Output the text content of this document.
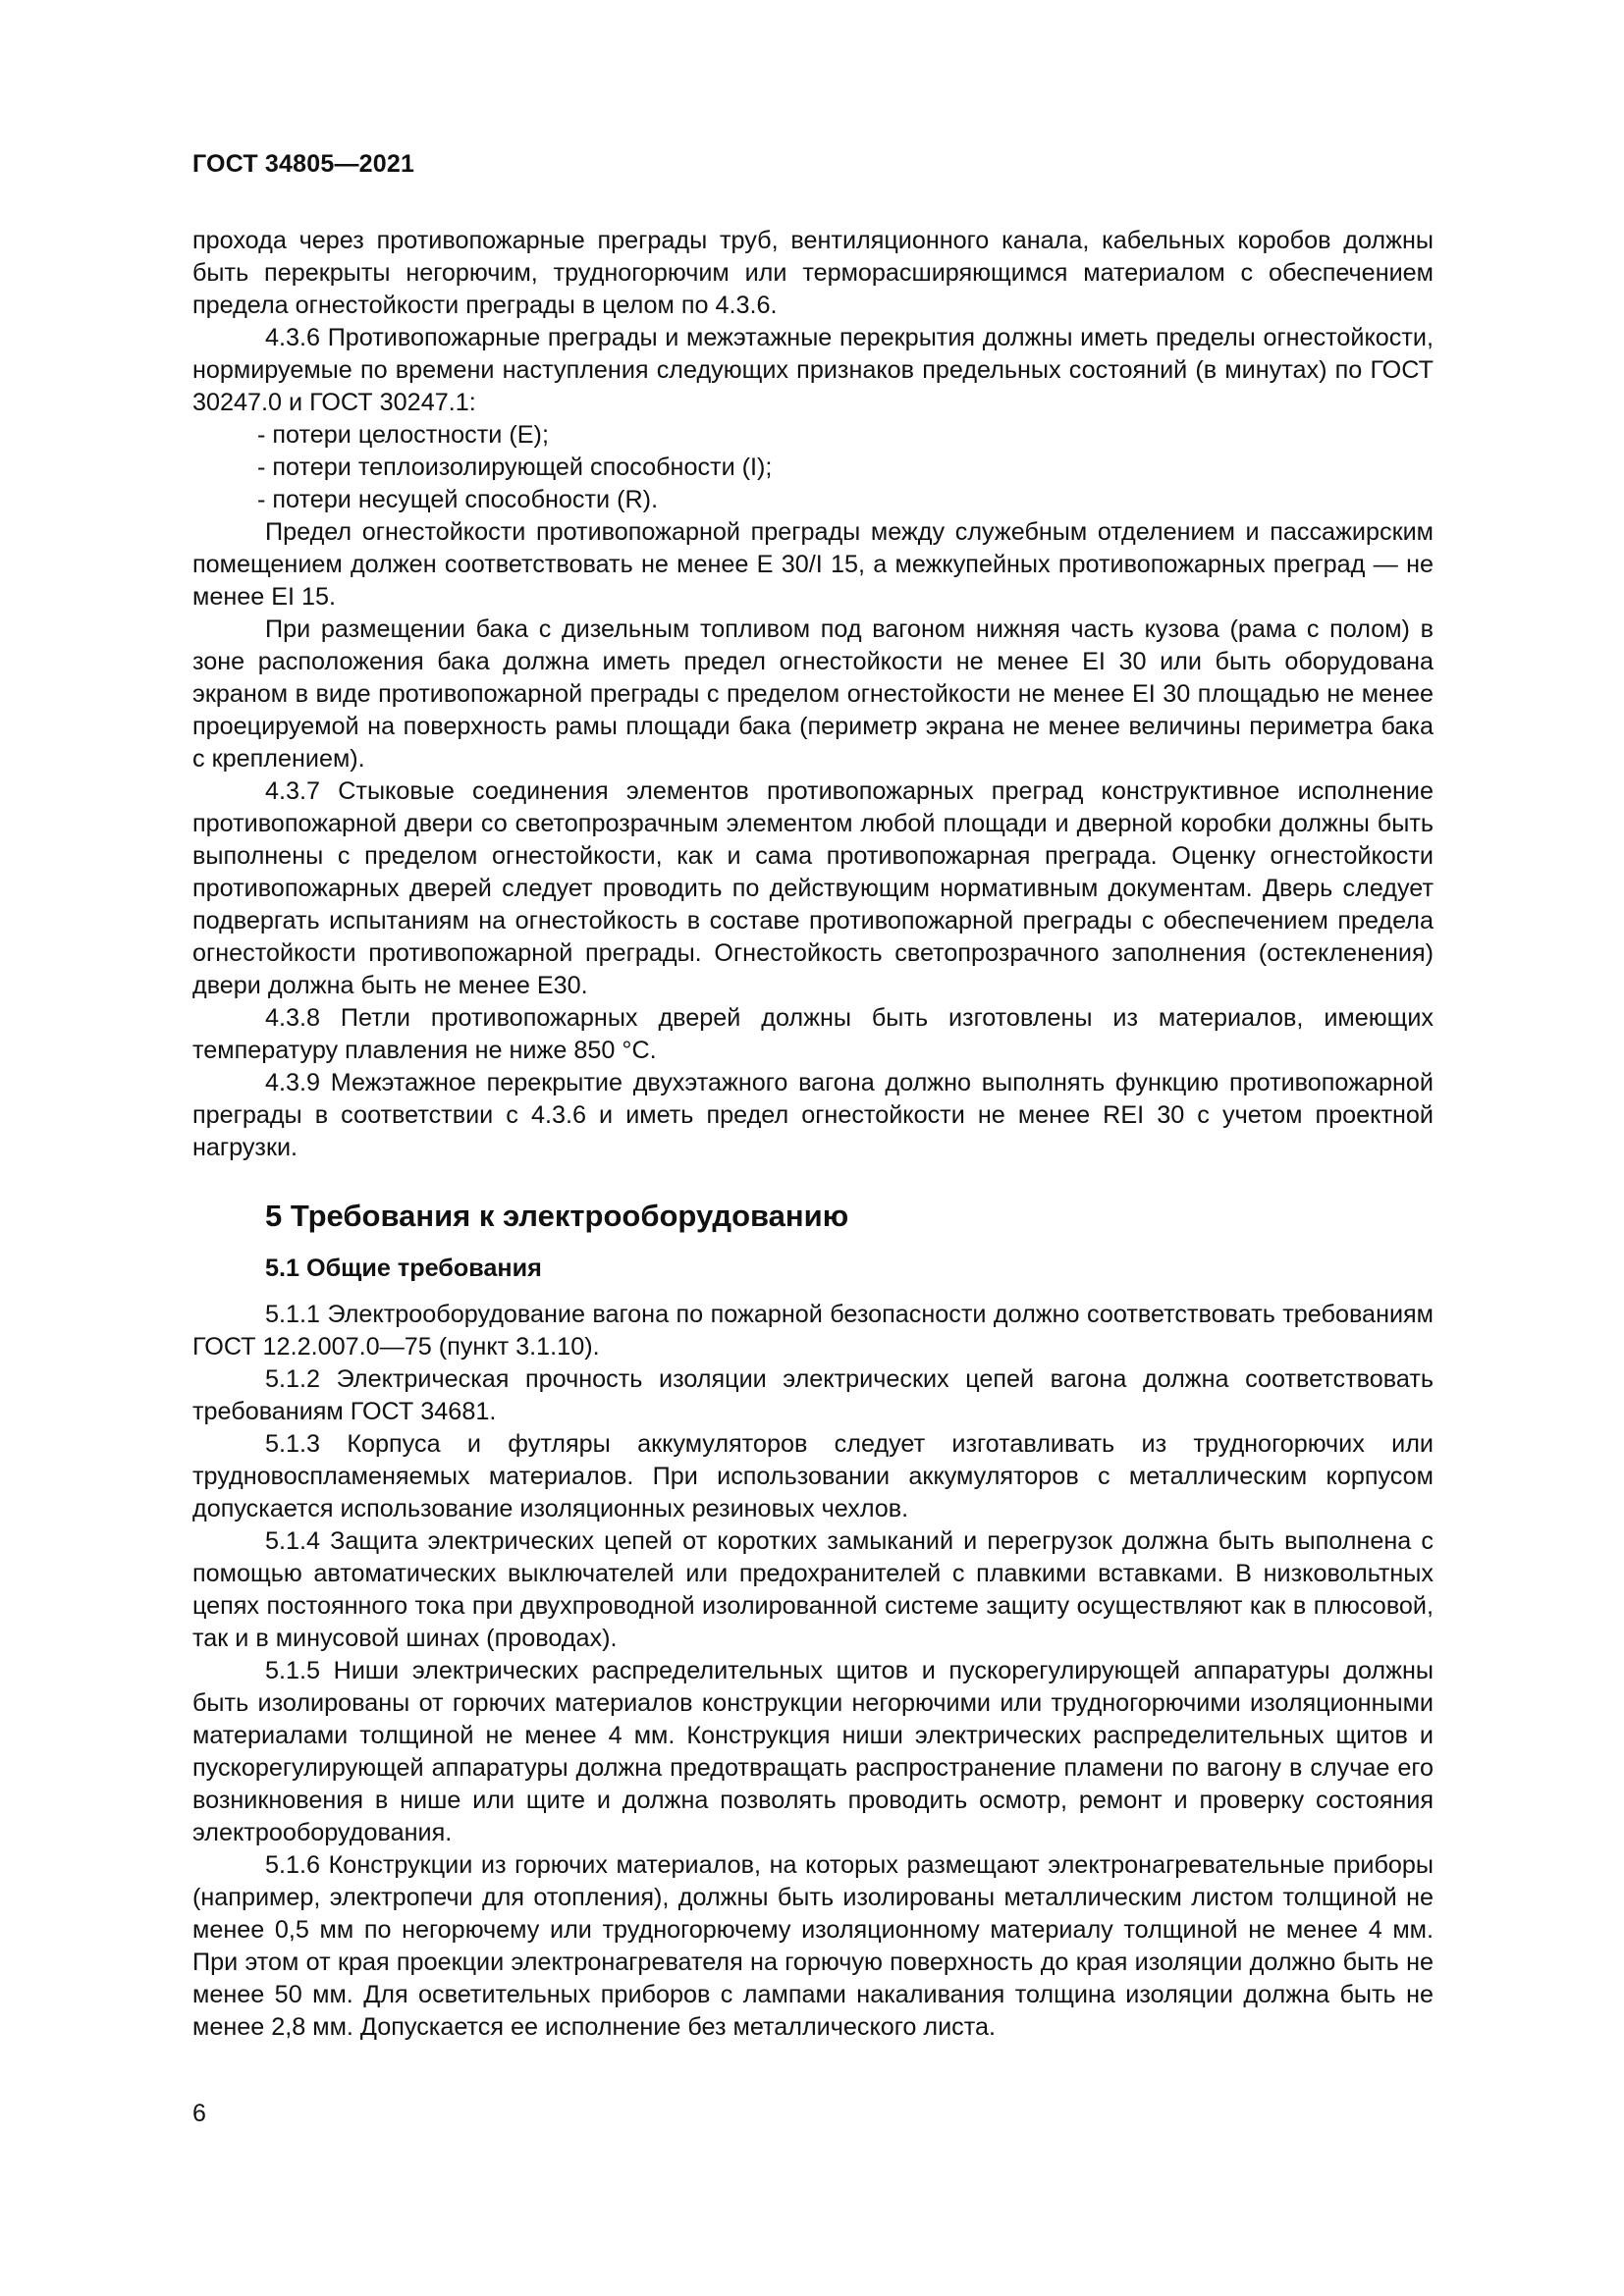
ГОСТ 34805—2021

прохода через противопожарные преграды труб, вентиляционного канала, кабельных коробов должны быть перекрыты негорючим, трудногорючим или терморасширяющимся материалом с обеспечением предела огнестойкости преграды в целом по 4.3.6.

4.3.6 Противопожарные преграды и межэтажные перекрытия должны иметь пределы огнестойкости, нормируемые по времени наступления следующих признаков предельных состояний (в минутах) по ГОСТ 30247.0 и ГОСТ 30247.1:

- потери целостности (E);

- потери теплоизолирующей способности (I);

- потери несущей способности (R).

Предел огнестойкости противопожарной преграды между служебным отделением и пассажирским помещением должен соответствовать не менее E 30/I 15, а межкупейных противопожарных преград — не менее EI 15.

При размещении бака с дизельным топливом под вагоном нижняя часть кузова (рама с полом) в зоне расположения бака должна иметь предел огнестойкости не менее EI 30 или быть оборудована экраном в виде противопожарной преграды с пределом огнестойкости не менее EI 30 площадью не менее проецируемой на поверхность рамы площади бака (периметр экрана не менее величины периметра бака с креплением).

4.3.7 Стыковые соединения элементов противопожарных преград конструктивное исполнение противопожарной двери со светопрозрачным элементом любой площади и дверной коробки должны быть выполнены с пределом огнестойкости, как и сама противопожарная преграда. Оценку огнестойкости противопожарных дверей следует проводить по действующим нормативным документам. Дверь следует подвергать испытаниям на огнестойкость в составе противопожарной преграды с обеспечением предела огнестойкости противопожарной преграды. Огнестойкость светопрозрачного заполнения (остекленения) двери должна быть не менее E30.

4.3.8 Петли противопожарных дверей должны быть изготовлены из материалов, имеющих температуру плавления не ниже 850 °С.

4.3.9 Межэтажное перекрытие двухэтажного вагона должно выполнять функцию противопожарной преграды в соответствии с 4.3.6 и иметь предел огнестойкости не менее REI 30 с учетом проектной нагрузки.

5 Требования к электрооборудованию
5.1 Общие требования

5.1.1 Электрооборудование вагона по пожарной безопасности должно соответствовать требованиям ГОСТ 12.2.007.0—75 (пункт 3.1.10).

5.1.2 Электрическая прочность изоляции электрических цепей вагона должна соответствовать требованиям ГОСТ 34681.

5.1.3 Корпуса и футляры аккумуляторов следует изготавливать из трудногорючих или трудновоспламеняемых материалов. При использовании аккумуляторов с металлическим корпусом допускается использование изоляционных резиновых чехлов.

5.1.4 Защита электрических цепей от коротких замыканий и перегрузок должна быть выполнена с помощью автоматических выключателей или предохранителей с плавкими вставками. В низковольтных цепях постоянного тока при двухпроводной изолированной системе защиту осуществляют как в плюсовой, так и в минусовой шинах (проводах).

5.1.5 Ниши электрических распределительных щитов и пускорегулирующей аппаратуры должны быть изолированы от горючих материалов конструкции негорючими или трудногорючими изоляционными материалами толщиной не менее 4 мм. Конструкция ниши электрических распределительных щитов и пускорегулирующей аппаратуры должна предотвращать распространение пламени по вагону в случае его возникновения в нише или щите и должна позволять проводить осмотр, ремонт и проверку состояния электрооборудования.

5.1.6 Конструкции из горючих материалов, на которых размещают электронагревательные приборы (например, электропечи для отопления), должны быть изолированы металлическим листом толщиной не менее 0,5 мм по негорючему или трудногорючему изоляционному материалу толщиной не менее 4 мм. При этом от края проекции электронагревателя на горючую поверхность до края изоляции должно быть не менее 50 мм. Для осветительных приборов с лампами накаливания толщина изоляции должна быть не менее 2,8 мм. Допускается ее исполнение без металлического листа.

6
